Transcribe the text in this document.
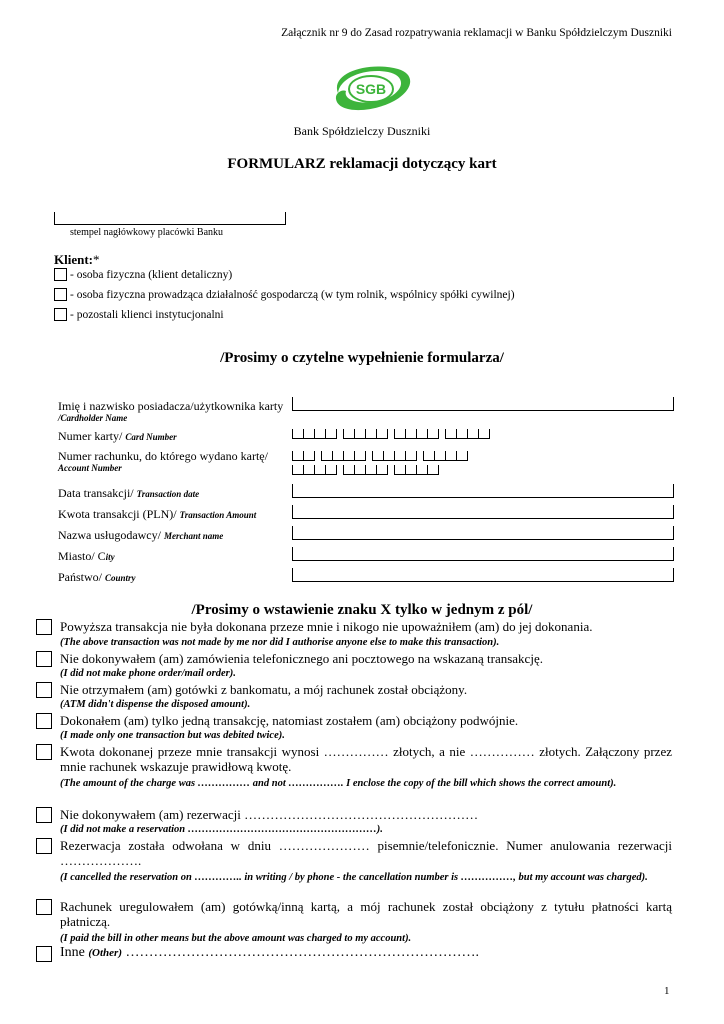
Załącznik nr 9 do Zasad rozpatrywania reklamacji w Banku Spółdzielczym Duszniki
SGB
Bank Spółdzielczy Duszniki
FORMULARZ reklamacji dotyczący kart
stempel nagłówkowy placówki Banku
Klient:*
- osoba fizyczna (klient detaliczny)
- osoba fizyczna prowadząca działalność gospodarczą (w tym rolnik, wspólnicy spółki cywilnej)
- pozostali klienci instytucjonalni
/Prosimy o czytelne wypełnienie formularza/
Imię i nazwisko posiadacza/użytkownika karty
/Cardholder Name
Numer karty/ Card Number
Numer rachunku, do którego wydano kartę/
Account Number
Data transakcji/ Transaction date
Kwota transakcji (PLN)/ Transaction Amount
Nazwa usługodawcy/ Merchant name
Miasto/ City
Państwo/ Country
/Prosimy o wstawienie znaku X tylko w jednym z pól/
Powyższa transakcja nie była dokonana przeze mnie i nikogo nie upoważniłem (am) do jej dokonania.
(The above transaction was not made by me nor did I authorise anyone else to make this transaction).
Nie dokonywałem (am) zamówienia telefonicznego ani pocztowego na wskazaną transakcję.
(I did not make phone order/mail order).
Nie otrzymałem (am) gotówki z bankomatu, a mój rachunek został obciążony.
(ATM didn't dispense the disposed amount).
Dokonałem (am) tylko jedną transakcję, natomiast zostałem (am) obciążony podwójnie.
(I made only one transaction but was debited twice).
Kwota dokonanej przeze mnie transakcji wynosi …………… złotych, a nie …………… złotych. Załączony przez mnie rachunek wskazuje prawidłową kwotę.
(The amount of the charge was …………… and not ……………. I enclose the copy of the bill which shows the correct amount).
Nie dokonywałem (am) rezerwacji ………………………………………………
(I did not make a reservation ………………………………………………).
Rezerwacja została odwołana w dniu ………………… pisemnie/telefonicznie. Numer anulowania rezerwacji ……………….
(I cancelled the reservation on ………….. in writing / by phone - the cancellation number is ……………, but my account was charged).
Rachunek uregulowałem (am) gotówką/inną kartą, a mój rachunek został obciążony z tytułu płatności kartą płatniczą.
(I paid the bill in other means but the above amount was charged to my account).
Inne (Other) ………………………………………………………………….
1
